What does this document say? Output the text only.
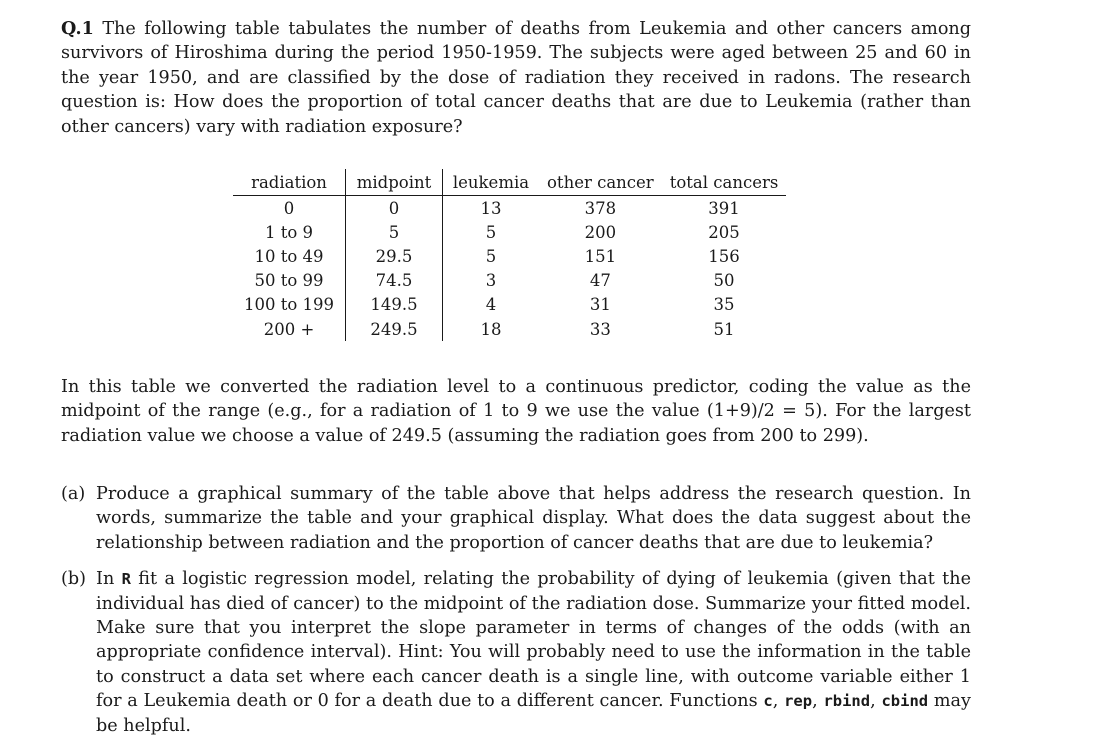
Q.1 The following table tabulates the number of deaths from Leukemia and other cancers among survivors of Hiroshima during the period 1950-1959. The subjects were aged between 25 and 60 in the year 1950, and are classified by the dose of radiation they received in radons. The research question is: How does the proportion of total cancer deaths that are due to Leukemia (rather than other cancers) vary with radiation exposure?

radiation	midpoint	leukemia	other cancer	total cancers
0	0	13	378	391
1 to 9	5	5	200	205
10 to 49	29.5	5	151	156
50 to 99	74.5	3	47	50
100 to 199	149.5	4	31	35
200 +	249.5	18	33	51

In this table we converted the radiation level to a continuous predictor, coding the value as the midpoint of the range (e.g., for a radiation of 1 to 9 we use the value (1+9)/2 = 5). For the largest radiation value we choose a value of 249.5 (assuming the radiation goes from 200 to 299).

(a) Produce a graphical summary of the table above that helps address the research question. In words, summarize the table and your graphical display. What does the data suggest about the relationship between radiation and the proportion of cancer deaths that are due to leukemia?

(b) In R fit a logistic regression model, relating the probability of dying of leukemia (given that the individual has died of cancer) to the midpoint of the radiation dose. Summarize your fitted model. Make sure that you interpret the slope parameter in terms of changes of the odds (with an appropriate confidence interval). Hint: You will probably need to use the information in the table to construct a data set where each cancer death is a single line, with outcome variable either 1 for a Leukemia death or 0 for a death due to a different cancer. Functions c, rep, rbind, cbind may be helpful.
